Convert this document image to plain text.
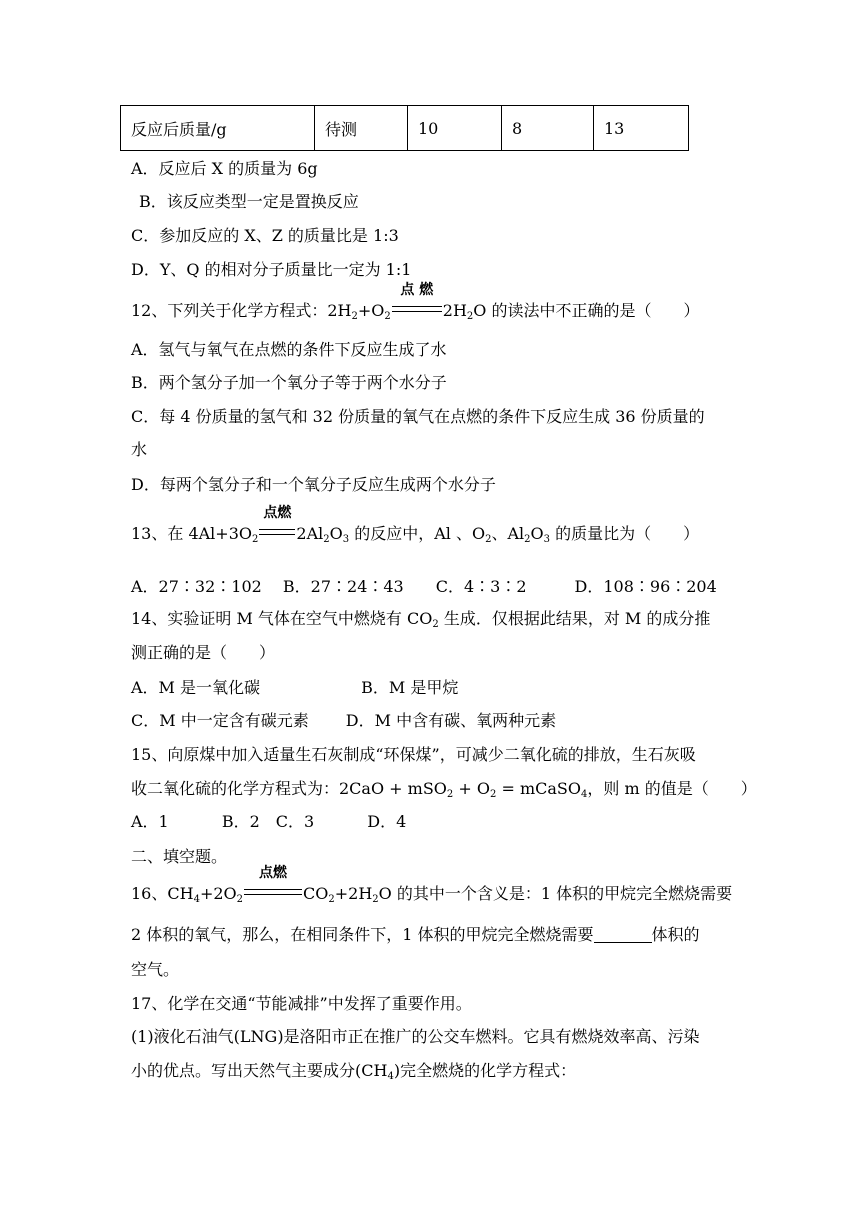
反应后质量/g	待测	10	8	13
A．反应后 X 的质量为 6g
B．该反应类型一定是置换反应
C．参加反应的 X、Z 的质量比是 1:3
D．Y、Q 的相对分子质量比一定为 1:1
12、下列关于化学方程式：$2H_2+O_2$
点 燃
$2H_2O$ 的读法中不正确的是（　　）
A．氢气与氧气在点燃的条件下反应生成了水
B．两个氢分子加一个氧分子等于两个水分子
C．每 4 份质量的氢气和 32 份质量的氧气在点燃的条件下反应生成 36 份质量的
水
D．每两个氢分子和一个氧分子反应生成两个水分子
13、在 $4Al+3O_2$
点燃
$2Al_2O_3$ 的反应中，Al 、$O_2$、$Al_2O_3$ 的质量比为（　　）
A．27∶32∶102　 B．27∶24∶43　　C．4∶3∶2　　　D．108∶96∶204
14、实验证明 M 气体在空气中燃烧有 $CO_2$ 生成．仅根据此结果，对 M 的成分推
测正确的是（　　）
A．M 是一氧化碳　　　　　　 B．M 是甲烷
C．M 中一定含有碳元素　　 D．M 中含有碳、氧两种元素
15、向原煤中加入适量生石灰制成“环保煤”，可减少二氧化硫的排放，生石灰吸
收二氧化硫的化学方程式为：$2CaO + mSO_2 + O_2$ = mCaSO$_4$，则 m 的值是（　　）
A．1　　　 B．2　C．3　　　 D．4
二、填空题。
16、$CH_4+2O_2$
点燃
$CO_2+2H_2O$ 的其中一个含义是：1 体积的甲烷完全燃烧需要
2 体积的氧气，那么，在相同条件下，1 体积的甲烷完全燃烧需要	体积的
空气。
17、化学在交通“节能减排”中发挥了重要作用。
(1)液化石油气(LNG)是洛阳市正在推广的公交车燃料。它具有燃烧效率高、污染
小的优点。写出天然气主要成分$(CH_4)$完全燃烧的化学方程式：
